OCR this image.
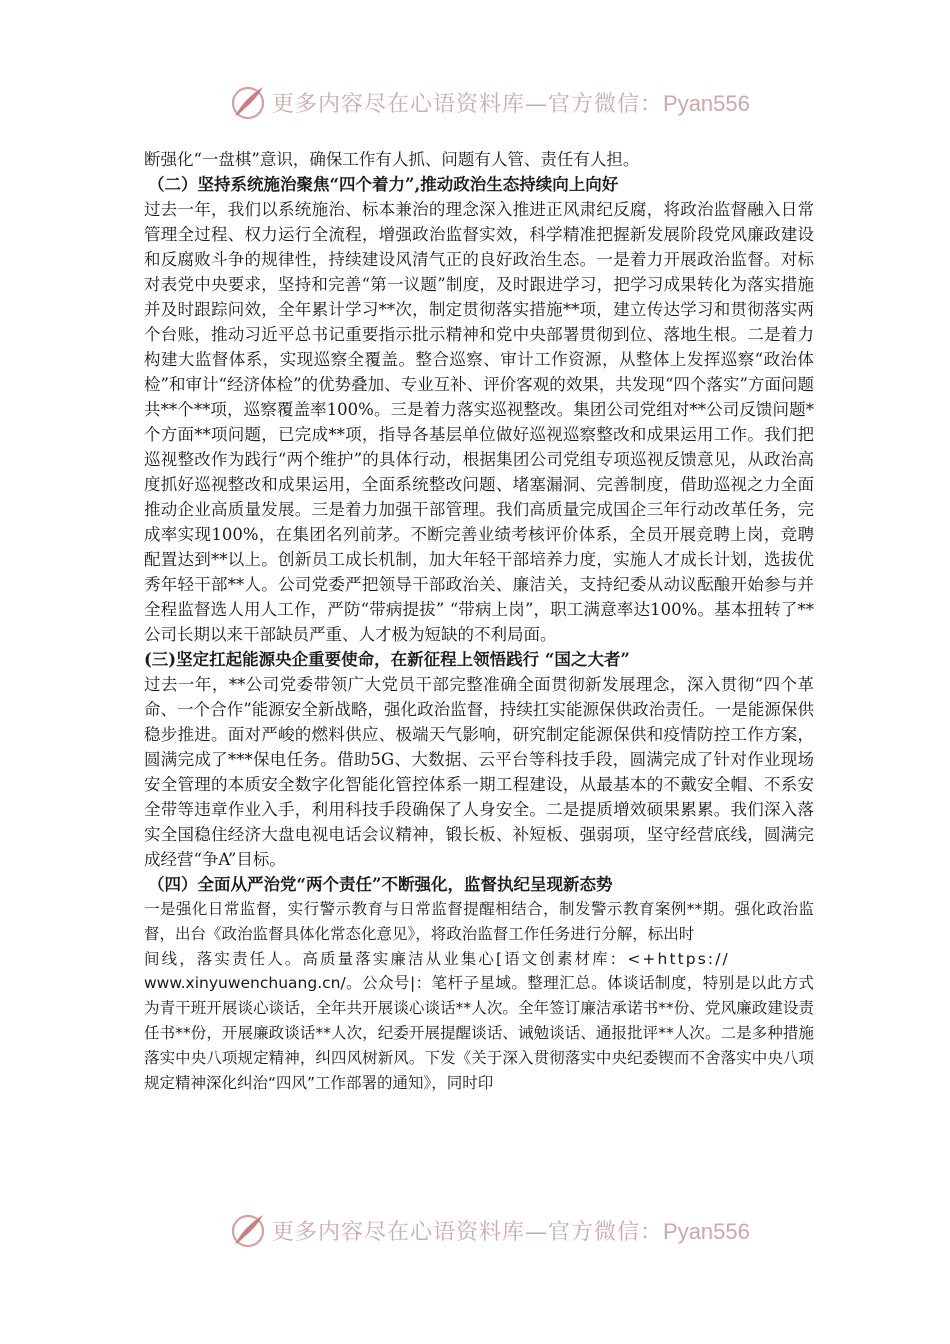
更多内容尽在心语资料库—官方微信：Pyan556

断强化“一盘棋”意识，确保工作有人抓、问题有人管、责任有人担。

（二）坚持系统施治聚焦“四个着力”,推动政治生态持续向上向好

过去一年，我们以系统施治、标本兼治的理念深入推进正风肃纪反腐，将政治监督融入日常管理全过程、权力运行全流程，增强政治监督实效，科学精准把握新发展阶段党风廉政建设和反腐败斗争的规律性，持续建设风清气正的良好政治生态。一是着力开展政治监督。对标对表党中央要求，坚持和完善“第一议题”制度，及时跟进学习，把学习成果转化为落实措施并及时跟踪问效，全年累计学习**次，制定贯彻落实措施**项，建立传达学习和贯彻落实两个台账，推动习近平总书记重要指示批示精神和党中央部署贯彻到位、落地生根。二是着力构建大监督体系，实现巡察全覆盖。整合巡察、审计工作资源，从整体上发挥巡察“政治体检”和审计“经济体检”的优势叠加、专业互补、评价客观的效果，共发现“四个落实”方面问题共**个**项，巡察覆盖率100%。三是着力落实巡视整改。集团公司党组对**公司反馈问题*个方面**项问题，已完成**项，指导各基层单位做好巡视巡察整改和成果运用工作。我们把巡视整改作为践行“两个维护”的具体行动，根据集团公司党组专项巡视反馈意见，从政治高度抓好巡视整改和成果运用，全面系统整改问题、堵塞漏洞、完善制度，借助巡视之力全面推动企业高质量发展。三是着力加强干部管理。我们高质量完成国企三年行动改革任务，完成率实现100%，在集团名列前茅。不断完善业绩考核评价体系，全员开展竞聘上岗，竞聘配置达到**以上。创新员工成长机制，加大年轻干部培养力度，实施人才成长计划，选拔优秀年轻干部**人。公司党委严把领导干部政治关、廉洁关，支持纪委从动议酝酿开始参与并全程监督选人用人工作，严防“带病提拔” “带病上岗”，职工满意率达100%。基本扭转了**公司长期以来干部缺员严重、人才极为短缺的不利局面。

(三)坚定扛起能源央企重要使命，在新征程上领悟践行 “国之大者”

过去一年，**公司党委带领广大党员干部完整准确全面贯彻新发展理念，深入贯彻“四个革命、一个合作”能源安全新战略，强化政治监督，持续扛实能源保供政治责任。一是能源保供稳步推进。面对严峻的燃料供应、极端天气影响，研究制定能源保供和疫情防控工作方案，圆满完成了***保电任务。借助5G、大数据、云平台等科技手段，圆满完成了针对作业现场安全管理的本质安全数字化智能化管控体系一期工程建设，从最基本的不戴安全帽、不系安全带等违章作业入手，利用科技手段确保了人身安全。二是提质增效硕果累累。我们深入落实全国稳住经济大盘电视电话会议精神，锻长板、补短板、强弱项，坚守经营底线，圆满完成经营“争A”目标。

（四）全面从严治党“两个责任”不断强化，监督执纪呈现新态势

一是强化日常监督，实行警示教育与日常监督提醒相结合，制发警示教育案例**期。强化政治监督，出台《政治监督具体化常态化意见》，将政治监督工作任务进行分解，标出时

间线，落实责任人。高质量落实廉洁从业集心[语文创素材库：<+https://

www.xinyuwenchuang.cn/。公众号|：笔杆子星域。整理汇总。体谈话制度，特别是以此方式为青干班开展谈心谈话，全年共开展谈心谈话**人次。全年签订廉洁承诺书**份、党风廉政建设责任书**份，开展廉政谈话**人次，纪委开展提醒谈话、诫勉谈话、通报批评**人次。二是多种措施落实中央八项规定精神，纠四风树新风。下发《关于深入贯彻落实中央纪委锲而不舍落实中央八项规定精神深化纠治“四风”工作部署的通知》，同时印

更多内容尽在心语资料库—官方微信：Pyan556
